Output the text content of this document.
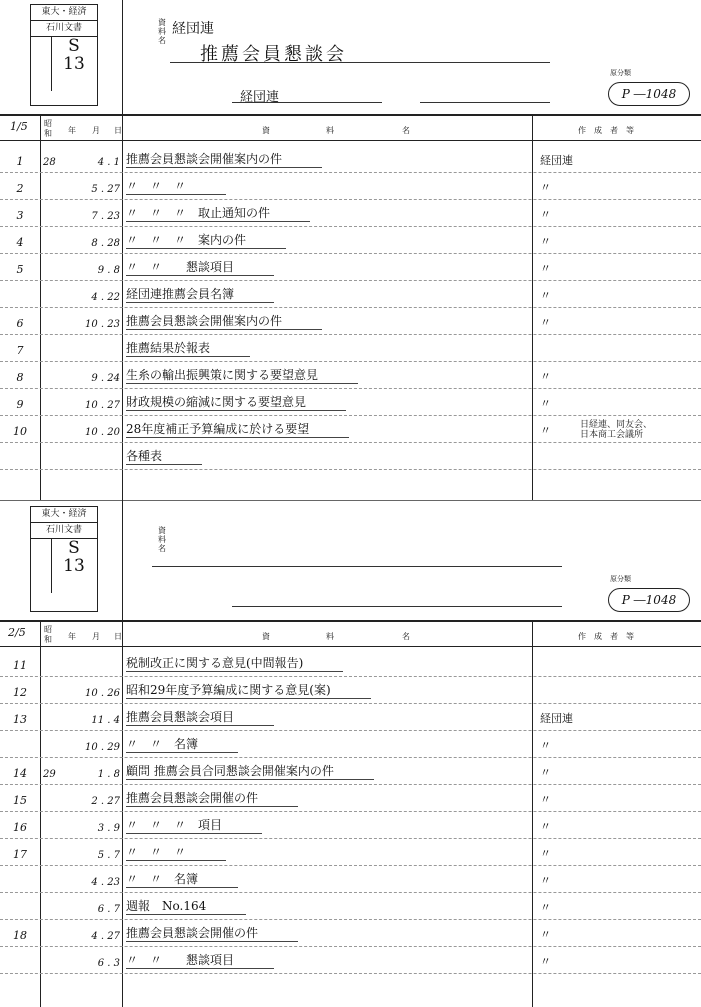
東大・経済
石川文書
S
13
資
料
名
経団連
推薦会員懇談会
原分類
P ―1048
経団連
1/5 昭
和 年 月 日	資	料	名	作　成　者　等
1	28	4 . 1 推薦会員懇談会開催案内の件	経団連
2	5 . 27 〃　〃　〃	〃
3	7 . 23 〃　〃　〃　取止通知の件	〃
4	8 . 28 〃　〃　〃　案内の件	〃
5	9 . 8 〃　〃　　懇談項目	〃
4 . 22 経団連推薦会員名簿	〃
6	10 . 23 推薦会員懇談会開催案内の件	〃
7	推薦結果於報表
8	9 . 24 生糸の輸出振興策に関する要望意見	〃
9	10 . 27 財政規模の縮減に関する要望意見	〃
10	10 . 20 28年度補正予算編成に於ける要望	〃	日経連、同友会、
日本商工会議所
各種表
東大・経済
石川文書
S
13
資
料
名
原分類
P ―1048
2/5 昭
和 年 月 日	資	料	名	作　成　者　等
11	税制改正に関する意見(中間報告)
12	10 . 26 昭和29年度予算編成に関する意見(案)
13	11 . 4 推薦会員懇談会項目	経団連
10 . 29 〃　〃　名簿	〃
14	29	1 . 8 顧問 推薦会員合同懇談会開催案内の件	〃
15	2 . 27 推薦会員懇談会開催の件	〃
16	3 . 9 〃　〃　〃　項目	〃
17	5 . 7 〃　〃　〃	〃
4 . 23 〃　〃　名簿	〃
6 . 7 週報　No.164	〃
18	4 . 27 推薦会員懇談会開催の件	〃
6 . 3 〃　〃　　懇談項目	〃
